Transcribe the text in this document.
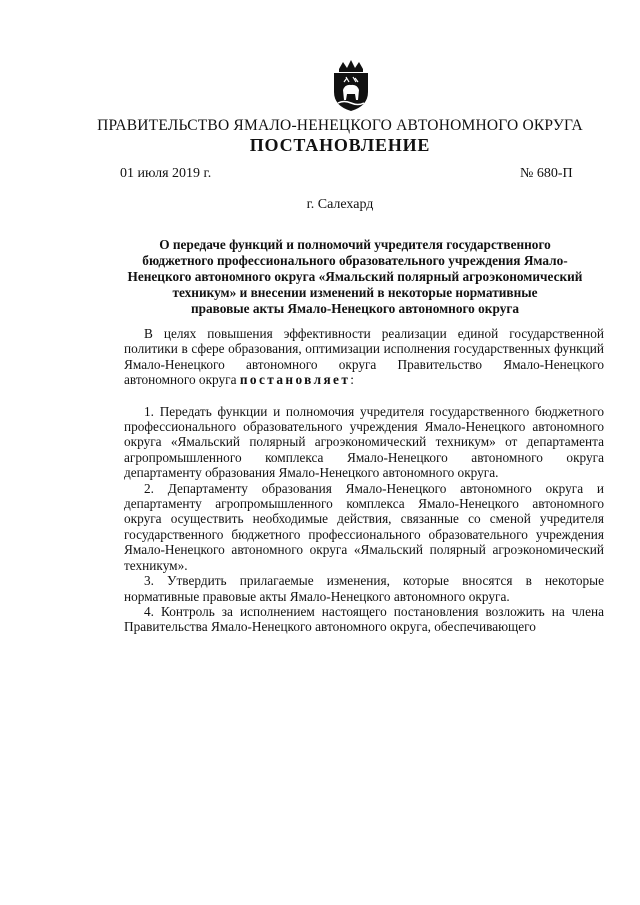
ПРАВИТЕЛЬСТВО ЯМАЛО-НЕНЕЦКОГО АВТОНОМНОГО ОКРУГА
ПОСТАНОВЛЕНИЕ
01 июля 2019 г.	№ 680-П
г. Салехард
О передаче функций и полномочий учредителя государственного
бюджетного профессионального образовательного учреждения Ямало-
Ненецкого автономного округа «Ямальский полярный агроэкономический
техникум» и внесении изменений в некоторые нормативные
правовые акты Ямало-Ненецкого автономного округа

В целях повышения эффективности реализации единой государственной политики в сфере образования, оптимизации исполнения государственных функций Ямало-Ненецкого автономного округа Правительство Ямало-Ненецкого автономного округа постановляет:

1. Передать функции и полномочия учредителя государственного бюджетного профессионального образовательного учреждения Ямало-Ненецкого автономного округа «Ямальский полярный агроэкономический техникум» от департамента агропромышленного комплекса Ямало-Ненецкого автономного округа департаменту образования Ямало-Ненецкого автономного округа.

2. Департаменту образования Ямало-Ненецкого автономного округа и департаменту агропромышленного комплекса Ямало-Ненецкого автономного округа осуществить необходимые действия, связанные со сменой учредителя государственного бюджетного профессионального образовательного учреждения Ямало-Ненецкого автономного округа «Ямальский полярный агроэкономический техникум».

3. Утвердить прилагаемые изменения, которые вносятся в некоторые нормативные правовые акты Ямало-Ненецкого автономного округа.

4. Контроль за исполнением настоящего постановления возложить на члена Правительства Ямало-Ненецкого автономного округа, обеспечивающего
